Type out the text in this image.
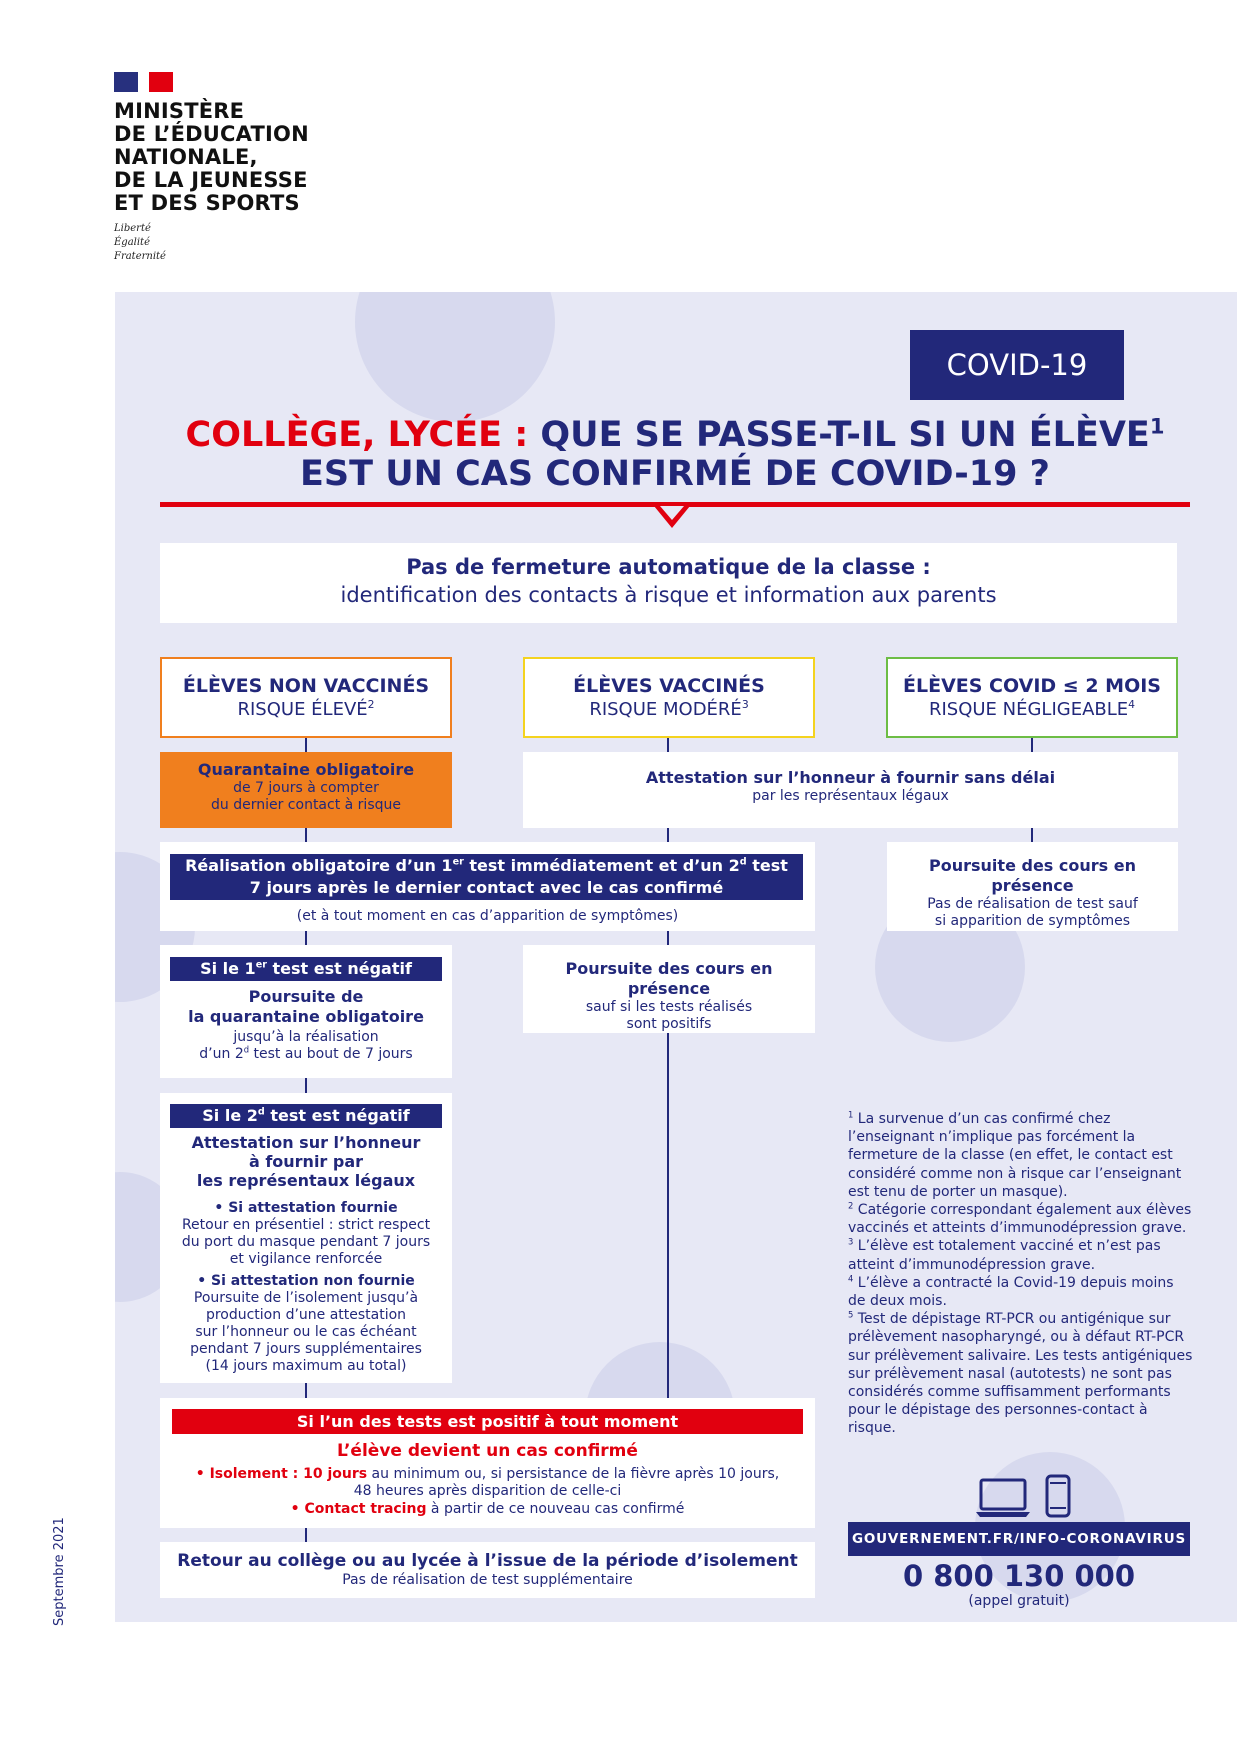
MINISTÈRE
DE L’ÉDUCATION
NATIONALE,
DE LA JEUNESSE
ET DES SPORTS
Liberté
Égalité
Fraternité
COVID-19
COLLÈGE, LYCÉE : QUE SE PASSE-T-IL SI UN ÉLÈVE$^1$
EST UN CAS CONFIRMÉ DE COVID-19 ?
Pas de fermeture automatique de la classe :
identification des contacts à risque et information aux parents
ÉLÈVES NON VACCINÉS
RISQUE ÉLEVÉ$^2$
ÉLÈVES VACCINÉS
RISQUE MODÉRÉ$^3$
ÉLÈVES COVID ≤ 2 MOIS
RISQUE NÉGLIGEABLE$^4$
Quarantaine obligatoire
de 7 jours à compter
du dernier contact à risque
Attestation sur l’honneur à fournir sans délai
par les représentaux légaux
Réalisation obligatoire d’un 1er test immédiatement et d’un 2$^d$ test
7 jours après le dernier contact avec le cas confirmé
(et à tout moment en cas d’apparition de symptômes)
Poursuite des cours en présence
Pas de réalisation de test sauf
si apparition de symptômes
Si le 1er test est négatif
Poursuite de
la quarantaine obligatoire
jusqu’à la réalisation
d’un 2$^d$ test au bout de 7 jours
Poursuite des cours en présence
sauf si les tests réalisés
sont positifs
Si le 2$^d$ test est négatif
Attestation sur l’honneur
à fournir par
les représentaux légaux
• Si attestation fournie
Retour en présentiel : strict respect
du port du masque pendant 7 jours
et vigilance renforcée
• Si attestation non fournie
Poursuite de l’isolement jusqu’à
production d’une attestation
sur l’honneur ou le cas échéant
pendant 7 jours supplémentaires
(14 jours maximum au total)
Si l’un des tests est positif à tout moment
L’élève devient un cas confirmé
• Isolement : 10 jours au minimum ou, si persistance de la fièvre après 10 jours,
48 heures après disparition de celle-ci
• Contact tracing à partir de ce nouveau cas confirmé
Retour au collège ou au lycée à l’issue de la période d’isolement
Pas de réalisation de test supplémentaire

$^1$ La survenue d’un cas confirmé chez l’enseignant n’implique pas forcément la fermeture de la classe (en effet, le contact est considéré comme non à risque car l’enseignant est tenu de porter un masque).

$^2$ Catégorie correspondant également aux élèves vaccinés et atteints d’immunodépression grave.

$^3$ L’élève est totalement vacciné et n’est pas atteint d’immunodépression grave.

$^4$ L’élève a contracté la Covid-19 depuis moins de deux mois.

$^5$ Test de dépistage RT-PCR ou antigénique sur prélèvement nasopharyngé, ou à défaut RT-PCR sur prélèvement salivaire. Les tests antigéniques sur prélèvement nasal (autotests) ne sont pas considérés comme suffisamment performants pour le dépistage des personnes-contact à risque.

GOUVERNEMENT.FR/INFO-CORONAVIRUS
0 800 130 000
(appel gratuit)
Septembre 2021
